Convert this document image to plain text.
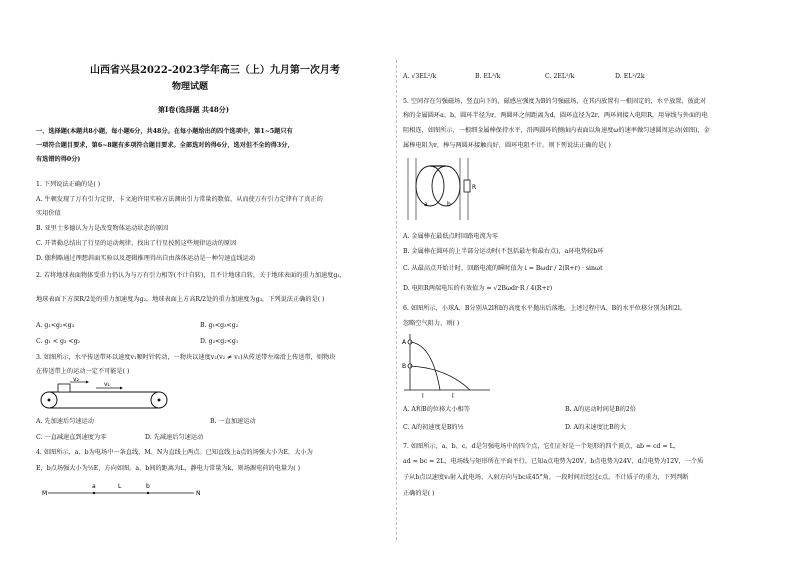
山西省兴县2022-2023学年高三（上）九月第一次月考
物理试题
第Ⅰ卷(选择题 共48分)
一、选择题(本题共8小题，每小题6分，共48分。在每小题给出的四个选项中，第1~5题只有
一项符合题目要求，第6~8题有多项符合题目要求。全部选对的得6分，选对但不全的得3分，
有选错的得0分)
1. 下列说法正确的是( )
A. 牛顿发现了万有引力定律，卡文迪许用实验方法测出引力常量的数值，从而使万有引力定律有了真正的
实用价值
B. 亚里士多德认为力是改变物体运动状态的原因
C. 开普勒总结出了行星的运动规律，找出了行星按照这些规律运动的原因
D. 伽利略通过理想斜面实验以及逻辑推理得出自由落体运动是一种匀速直线运动
2. 若将地球表面物体受重力仍认为与万有引力相等(不计自转)，且不计地球自转，关于地球表面的重力加速度g₁，
地球表面下方深R/2处的重力加速度为g₂，地球表面上方高R/2处的重力加速度为g₃，下列说法正确的是( )
A. g₁<g₂<g₃	B. g₁<g₃<g₂
C. g₁ < g₃ <g₂	D. g₃<g₂<g₁
3. 如图所示，水平传送带环以速度v₁顺时针转动，一物块以速度v₂(v₂ ≠ v₁)从传送带左端滑上传送带，则物块
在传送带上的运动一定不可能是( )
v₂
v₁
A. 先加速后匀速运动	B. 一直加速运动
C. 一直减速直到速度为零	D. 先减速后匀速运动
4. 如图所示，a、b为电场中一条直线，M、N为直线上两点。已知直线上a点的场强大小为E，大小为
E，b点场强大小为½E，方向如图。a、b间的距离为L，静电力常量为k，则场源电荷的电量为( )
M
a	L	b
N
A. √3EL²/k	B. EL²/k	C. 2EL²/k	D. EL²/2k
5. 空间存在匀强磁场，竖直向下的，磁感应强度为B的匀强磁场，在其内放置有一根固定的，水平放置，彼此对
称的金属圆环a、b，圆环半径为r，两圆环之间距离为d，圆环直径为2r，两环间接入电阻R，用导线与外面的电
阻相连，如图所示，一根细金属棒保持水平，沿两圆环的侧面内表面以角速度ω的速率做匀速圆周运动(如图)，金
属棒电阻为r，棒与两圆环接触良好，圆环电阻不计。则下列说法正确的是( )
R
a	b
A. 金属棒在最低点时回路电流为零
B. 金属棒在圆环的上半部分运动时(不包括最左和最右点)，a环电势较b环
C. 从最高点开始计时，回路电流的瞬时值为 i = Bωdr / 2(R+r) · sinωt
D. 电阻R两端电压的有效值为 = √2Bωdr·R / 4(R+r)
6. 如图所示，小球A、B分别从2l和l的高度水平抛出后落地，上述过程中A、B的水平位移分别为l和2l。
忽略空气阻力，则( )
A
B
l	l
A. A和B的位移大小相等	B. A的运动时间是B的2倍
C. A的初速度是B的½	D. A的末速度比B的大
7. 如图所示，a、b、c、d是匀强电场中的四个点，它们正好是一个矩形的四个顶点，ab = cd = L，
ad = bc = 2L，电场线与矩形所在平面平行。已知a点电势为20V，b点电势为24V，d点电势为12V，一个质
子从b点以速度v₀射入此电场，入射方向与bc成45°角，一段时间后经过c点。不计质子的重力，下列判断
正确的是( )
